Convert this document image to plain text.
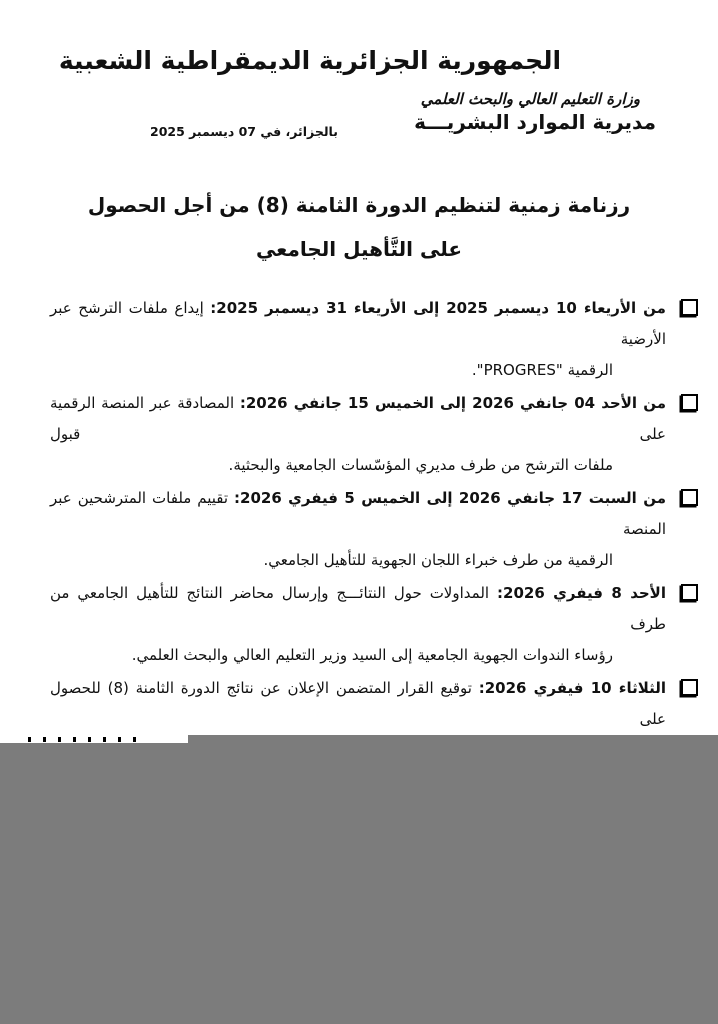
الجمهورية الجزائرية الديمقراطية الشعبية
وزارة التعليم العالي والبحث العلمي
مديرية الموارد البشريـــة
بالجزائر، في 07 ديسمبر 2025
رزنامة زمنية لتنظيم الدورة الثامنة (8) من أجل الحصول
على التَّأهيل الجامعي
من الأريعاء 10 ديسمبر 2025 إلى الأريعاء 31 ديسمبر 2025: إيداع ملفات الترشح عبر الأرضية
الرقمية "PROGRES".
من الأحد 04 جانفي 2026 إلى الخميس 15 جانفي 2026: المصادقة عبر المنصة الرقمية على قبول
ملفات الترشح من طرف مديري المؤسّسات الجامعية والبحثية.
من السبت 17 جانفي 2026 إلى الخميس 5 فيفري 2026: تقييم ملفات المترشحين عبر المنصة
الرقمية من طرف خبراء اللجان الجهوية للتأهيل الجامعي.
الأحد 8 فيفري 2026: المداولات حول النتائـــج وإرسال محاضر النتائج للتأهيل الجامعي من طرف
رؤساء الندوات الجهوية الجامعية إلى السيد وزير التعليم العالي والبحث العلمي.
الثلاثاء 10 فيفري 2026: توقيع القرار المتضمن الإعلان عن نتائج الدورة الثامنة (8) للحصول على
